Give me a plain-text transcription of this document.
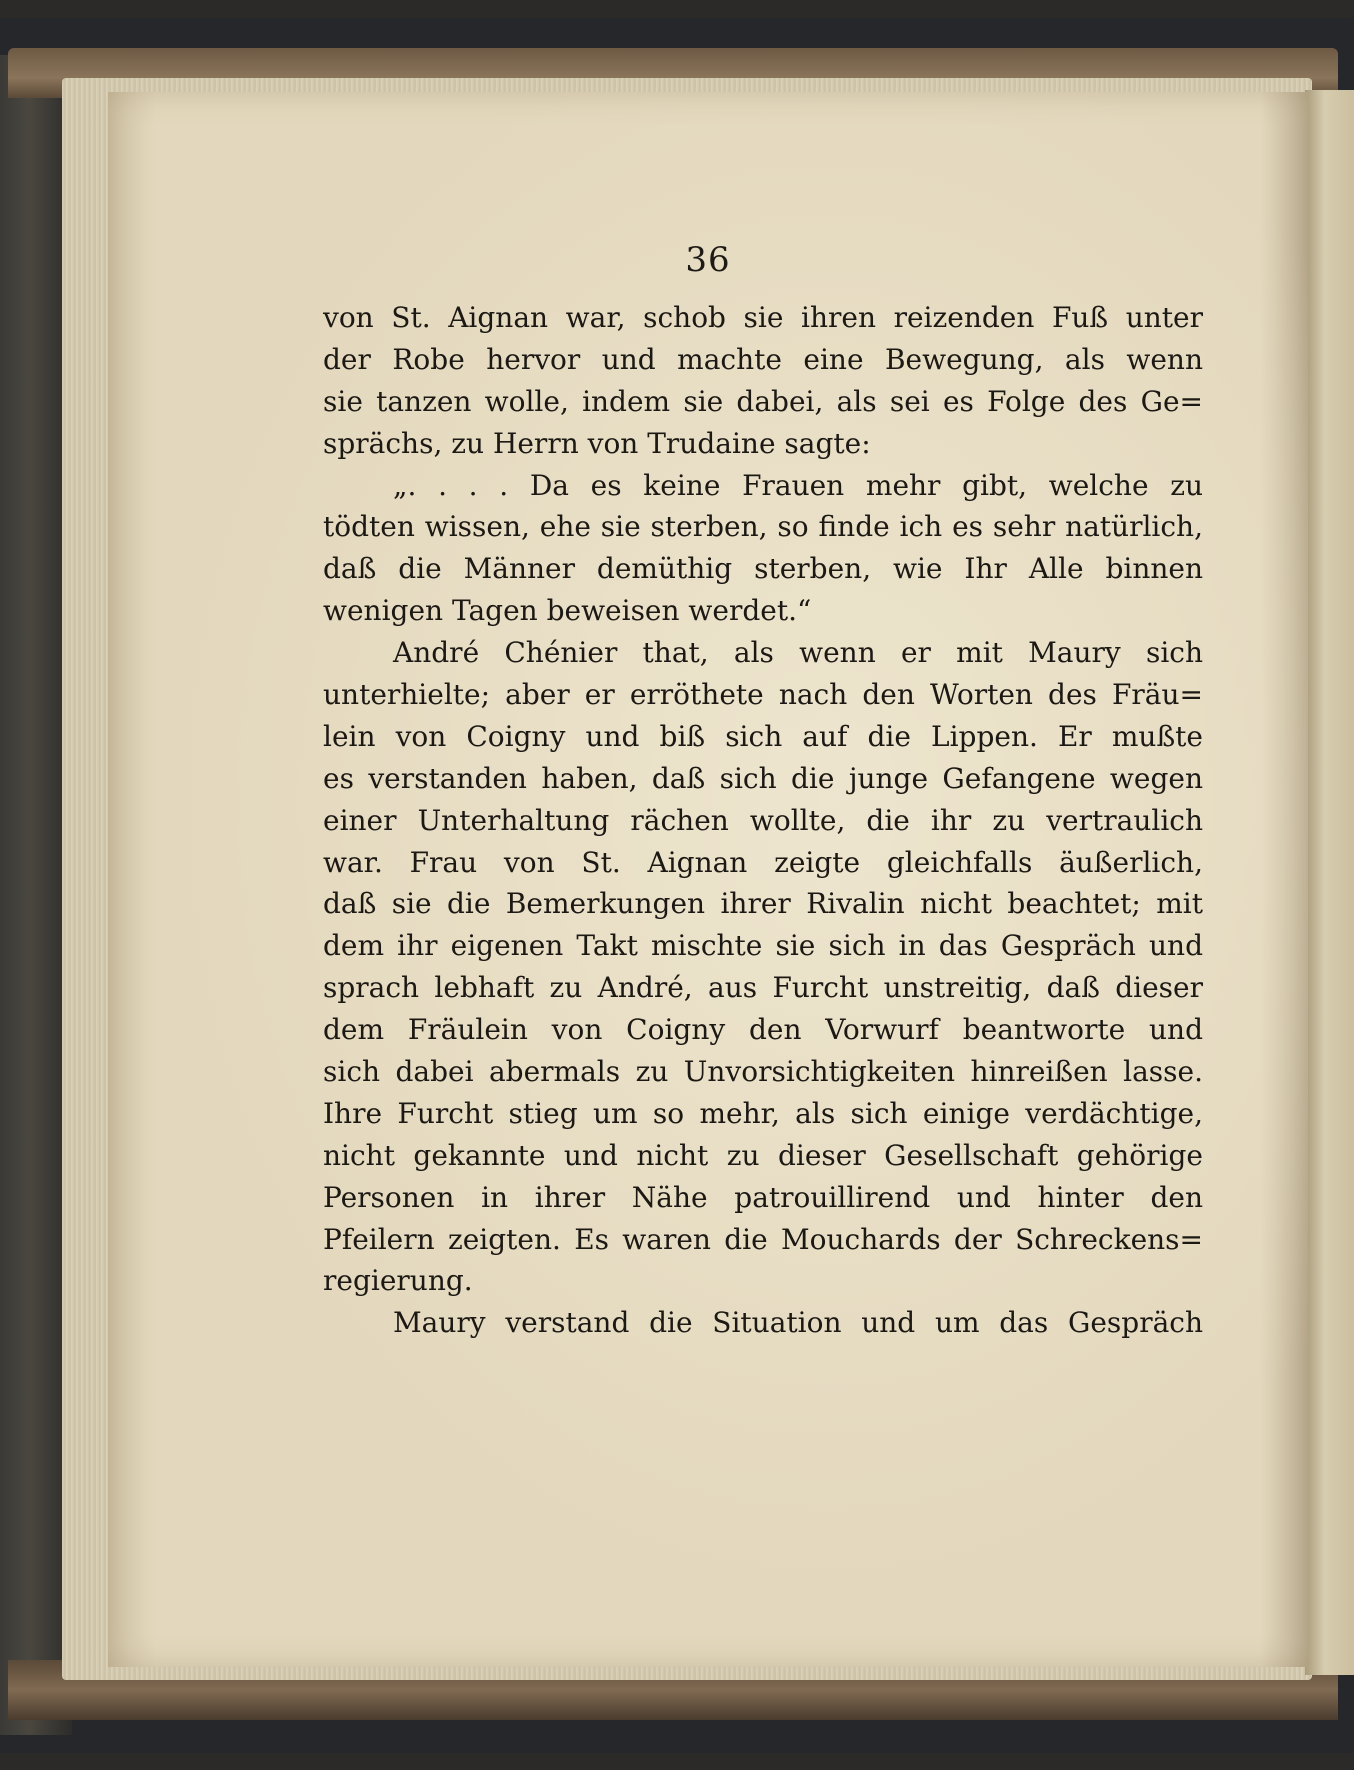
36
von St. Aignan war, schob sie ihren reizenden Fuß unter
der Robe hervor und machte eine Bewegung, als wenn
sie tanzen wolle, indem sie dabei, als sei es Folge des Ge=
sprächs, zu Herrn von Trudaine sagte:
„. . . . Da es keine Frauen mehr gibt, welche zu
tödten wissen, ehe sie sterben, so finde ich es sehr natürlich,
daß die Männer demüthig sterben, wie Ihr Alle binnen
wenigen Tagen beweisen werdet.“
André Chénier that, als wenn er mit Maury sich
unterhielte; aber er erröthete nach den Worten des Fräu=
lein von Coigny und biß sich auf die Lippen. Er mußte
es verstanden haben, daß sich die junge Gefangene wegen
einer Unterhaltung rächen wollte, die ihr zu vertraulich
war. Frau von St. Aignan zeigte gleichfalls äußerlich,
daß sie die Bemerkungen ihrer Rivalin nicht beachtet; mit
dem ihr eigenen Takt mischte sie sich in das Gespräch und
sprach lebhaft zu André, aus Furcht unstreitig, daß dieser
dem Fräulein von Coigny den Vorwurf beantworte und
sich dabei abermals zu Unvorsichtigkeiten hinreißen lasse.
Ihre Furcht stieg um so mehr, als sich einige verdächtige,
nicht gekannte und nicht zu dieser Gesellschaft gehörige
Personen in ihrer Nähe patrouillirend und hinter den
Pfeilern zeigten. Es waren die Mouchards der Schreckens=
regierung.
Maury verstand die Situation und um das Gespräch
